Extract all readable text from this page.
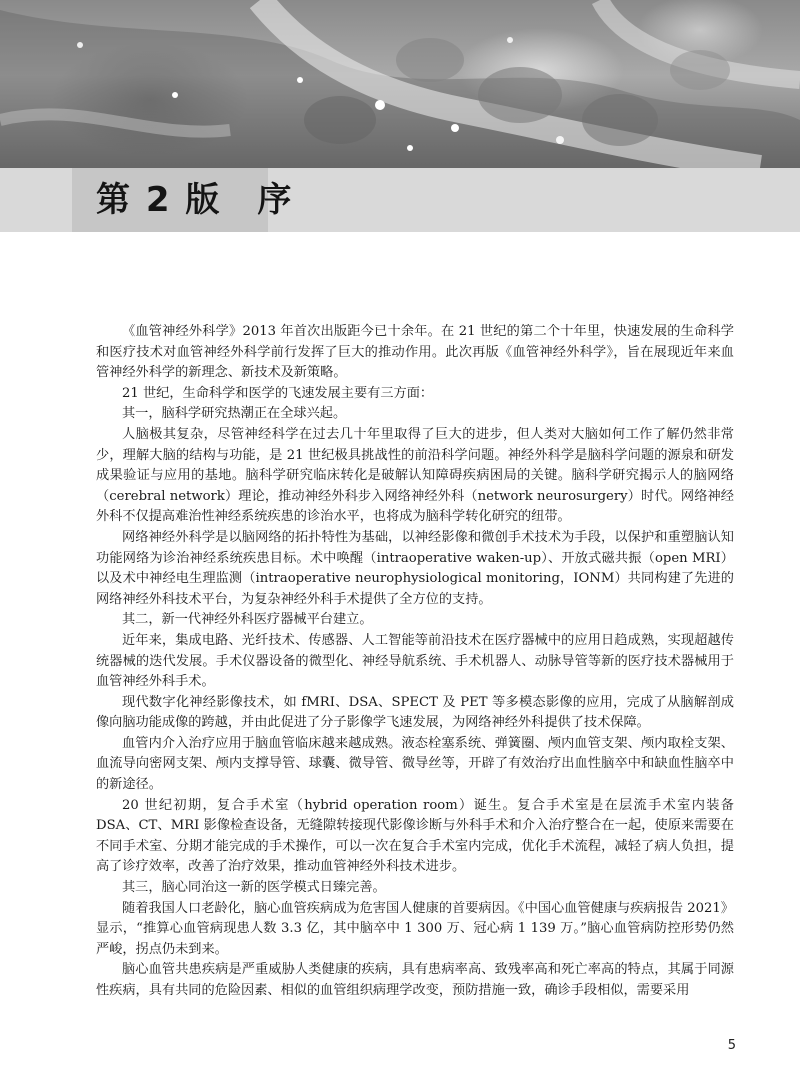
第 2 版　序

《血管神经外科学》2013 年首次出版距今已十余年。在 21 世纪的第二个十年里，快速发展的生命科学和医疗技术对血管神经外科学前行发挥了巨大的推动作用。此次再版《血管神经外科学》，旨在展现近年来血管神经外科学的新理念、新技术及新策略。

21 世纪，生命科学和医学的飞速发展主要有三方面：

其一，脑科学研究热潮正在全球兴起。

人脑极其复杂，尽管神经科学在过去几十年里取得了巨大的进步，但人类对大脑如何工作了解仍然非常少，理解大脑的结构与功能，是 21 世纪极具挑战性的前沿科学问题。神经外科学是脑科学问题的源泉和研发成果验证与应用的基地。脑科学研究临床转化是破解认知障碍疾病困局的关键。脑科学研究揭示人的脑网络（cerebral network）理论，推动神经外科步入网络神经外科（network neurosurgery）时代。网络神经外科不仅提高难治性神经系统疾患的诊治水平，也将成为脑科学转化研究的纽带。

网络神经外科学是以脑网络的拓扑特性为基础，以神经影像和微创手术技术为手段，以保护和重塑脑认知功能网络为诊治神经系统疾患目标。术中唤醒（intraoperative waken-up）、开放式磁共振（open MRI）以及术中神经电生理监测（intraoperative neurophysiological monitoring，IONM）共同构建了先进的网络神经外科技术平台，为复杂神经外科手术提供了全方位的支持。

其二，新一代神经外科医疗器械平台建立。

近年来，集成电路、光纤技术、传感器、人工智能等前沿技术在医疗器械中的应用日趋成熟，实现超越传统器械的迭代发展。手术仪器设备的微型化、神经导航系统、手术机器人、动脉导管等新的医疗技术器械用于血管神经外科手术。

现代数字化神经影像技术，如 fMRI、DSA、SPECT 及 PET 等多模态影像的应用，完成了从脑解剖成像向脑功能成像的跨越，并由此促进了分子影像学飞速发展，为网络神经外科提供了技术保障。

血管内介入治疗应用于脑血管临床越来越成熟。液态栓塞系统、弹簧圈、颅内血管支架、颅内取栓支架、血流导向密网支架、颅内支撑导管、球囊、微导管、微导丝等，开辟了有效治疗出血性脑卒中和缺血性脑卒中的新途径。

20 世纪初期，复合手术室（hybrid operation room）诞生。复合手术室是在层流手术室内装备 DSA、CT、MRI 影像检查设备，无缝隙转接现代影像诊断与外科手术和介入治疗整合在一起，使原来需要在不同手术室、分期才能完成的手术操作，可以一次在复合手术室内完成，优化手术流程，减轻了病人负担，提高了诊疗效率，改善了治疗效果，推动血管神经外科技术进步。

其三，脑心同治这一新的医学模式日臻完善。

随着我国人口老龄化，脑心血管疾病成为危害国人健康的首要病因。《中国心血管健康与疾病报告 2021》显示，“推算心血管病现患人数 3.3 亿，其中脑卒中 1 300 万、冠心病 1 139 万。”脑心血管病防控形势仍然严峻，拐点仍未到来。

脑心血管共患疾病是严重威胁人类健康的疾病，具有患病率高、致残率高和死亡率高的特点，其属于同源性疾病，具有共同的危险因素、相似的血管组织病理学改变，预防措施一致，确诊手段相似，需要采用

5
